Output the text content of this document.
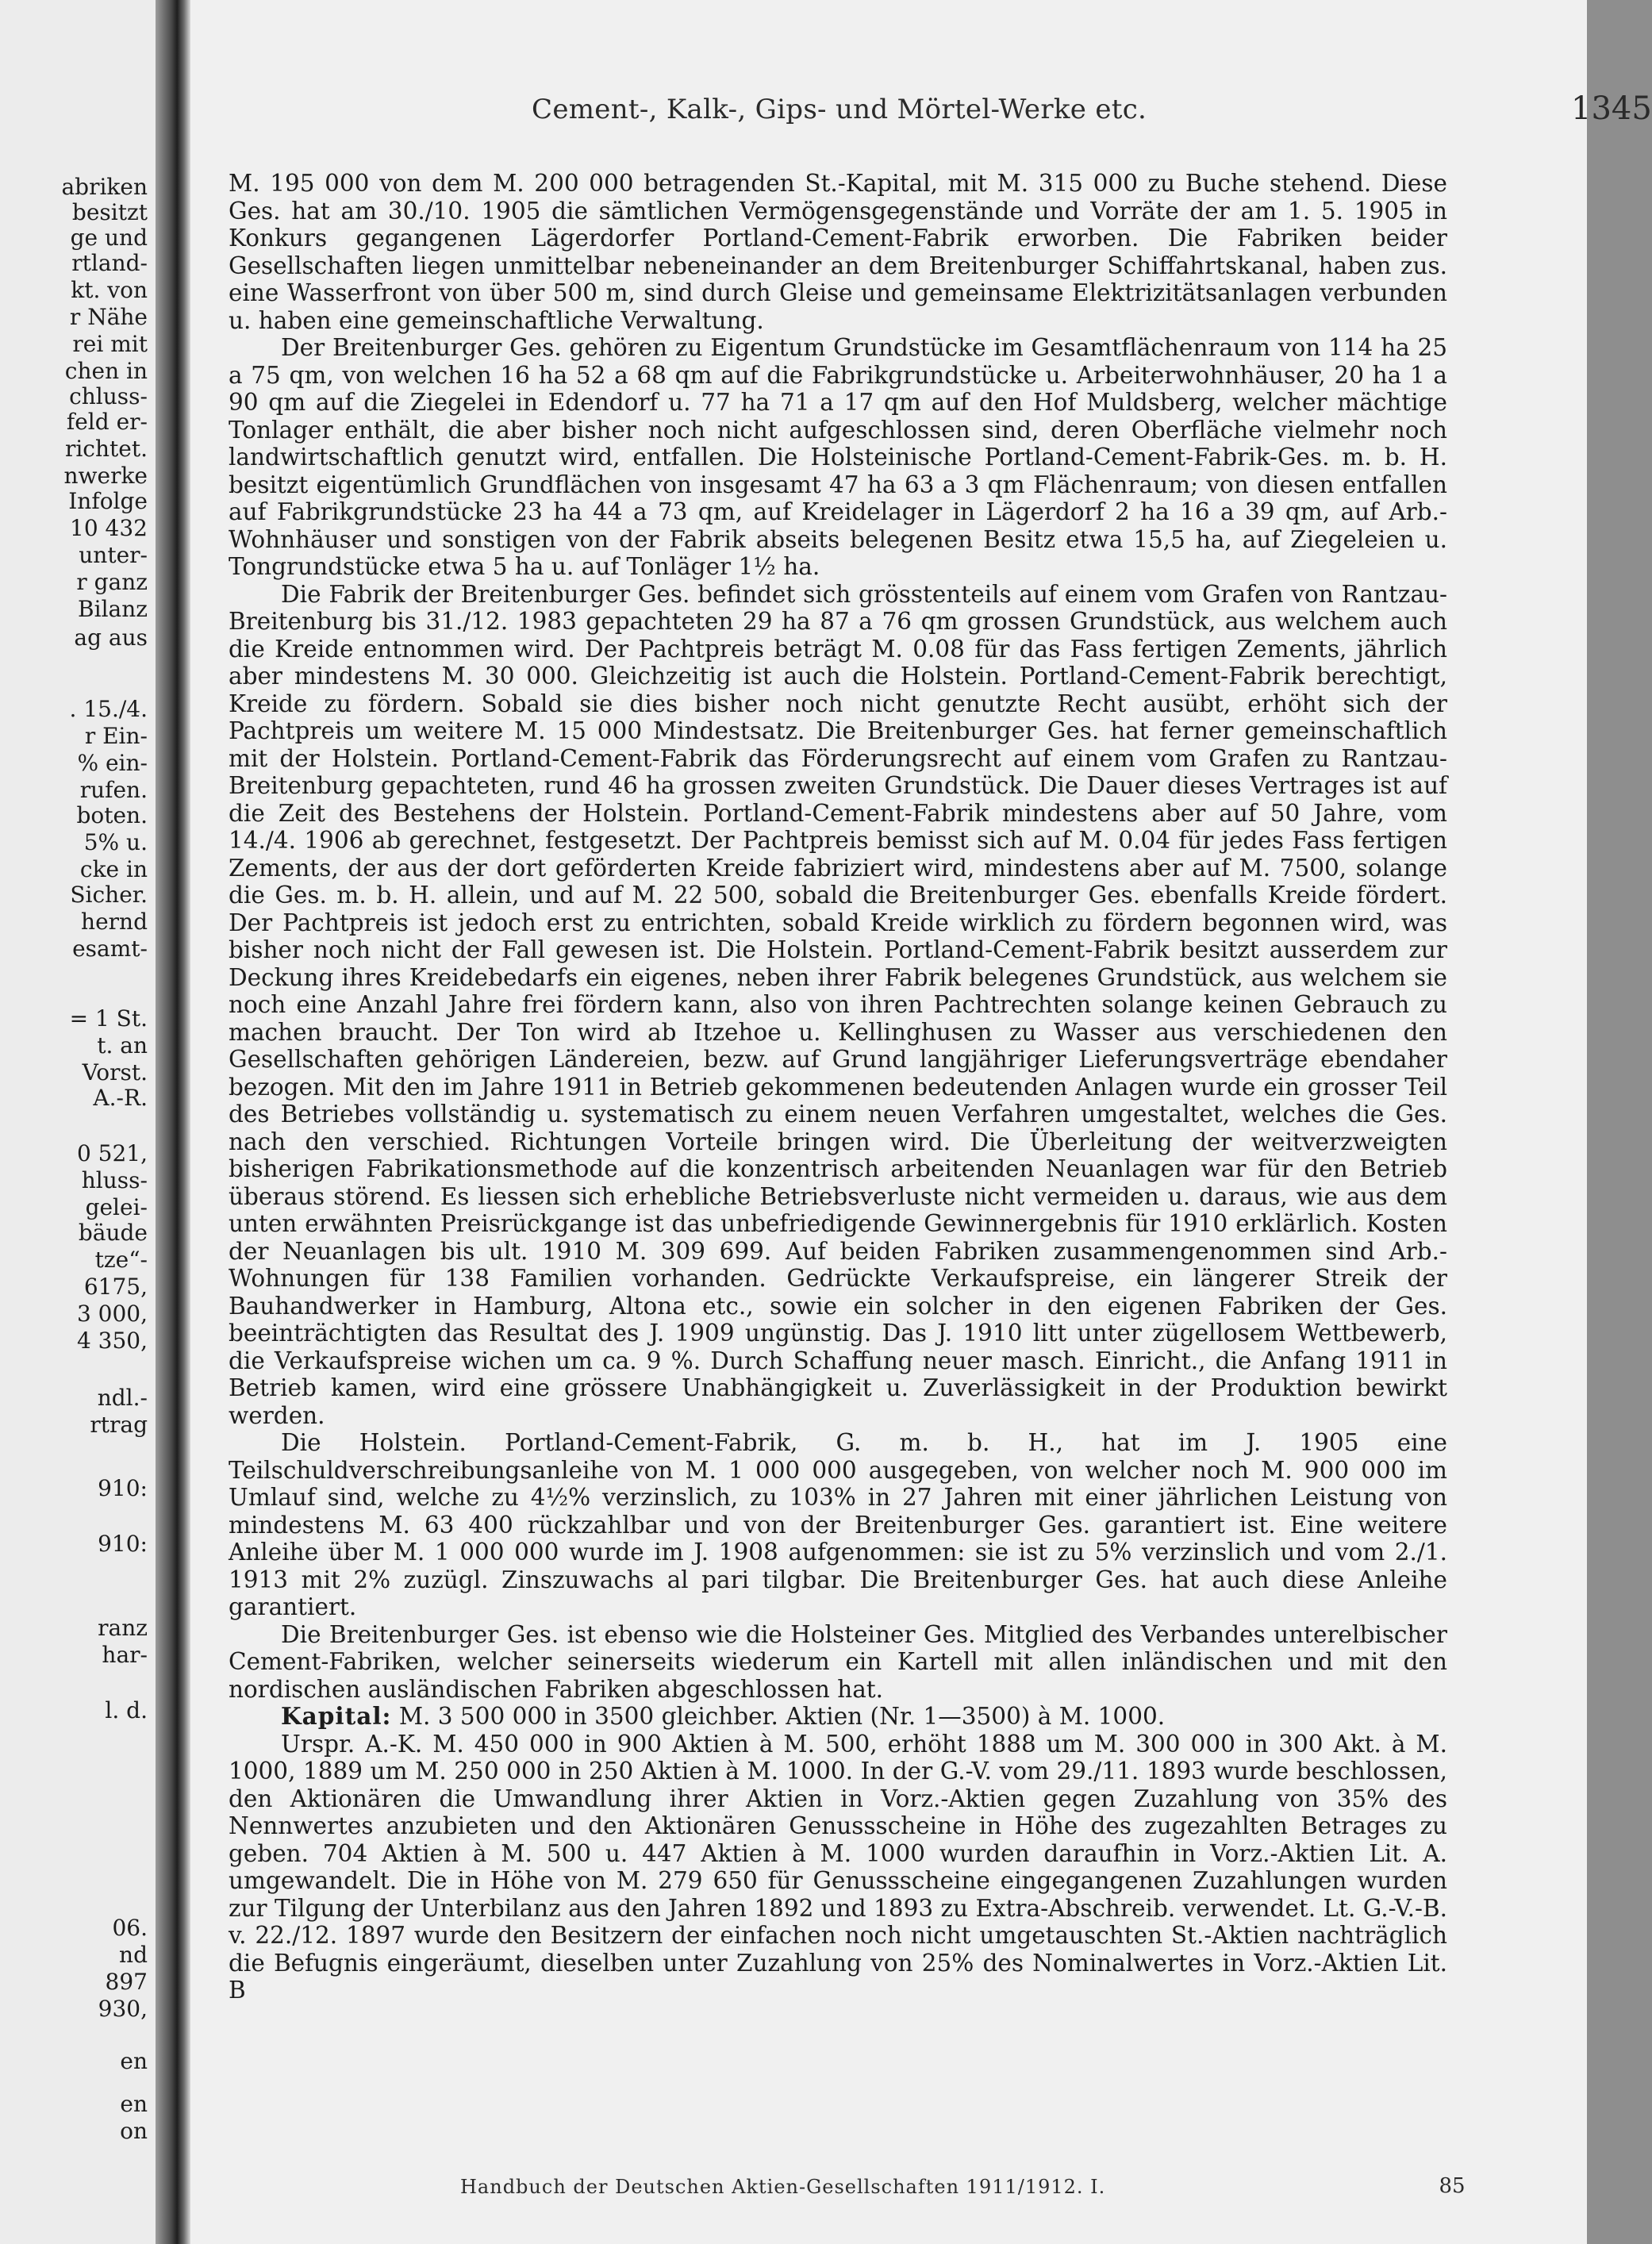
abriken
besitzt
ge und
rtland-
kt. von
r Nähe
rei mit
chen in
chluss-
feld er-
richtet.
nwerke
Infolge
10 432
unter-
r ganz
Bilanz
ag aus
. 15./4.
r Ein-
% ein-
rufen.
boten.
5% u.
cke in
Sicher.
hernd
esamt-
= 1 St.
t. an
Vorst.
A.-R.
0 521,
hluss-
gelei-
bäude
tze“-
6175,
3 000,
4 350,
ndl.-
rtrag
910:
910:
ranz
har-
l. d.
06.
nd
897
930,
en
en
on
Cement-, Kalk-, Gips- und Mörtel-Werke etc.	1345
Handbuch der Deutschen Aktien-Gesellschaften 1911/1912. I.	85

M. 195 000 von dem M. 200 000 betragenden St.-Kapital, mit M. 315 000 zu Buche stehend. Diese Ges. hat am 30./10. 1905 die sämtlichen Vermögensgegenstände und Vorräte der am 1. 5. 1905 in Konkurs gegangenen Lägerdorfer Portland-Cement-Fabrik erworben. Die Fabriken beider Gesellschaften liegen unmittelbar nebeneinander an dem Breitenburger Schiffahrtskanal, haben zus. eine Wasserfront von über 500 m, sind durch Gleise und gemeinsame Elektrizitätsanlagen verbunden u. haben eine gemeinschaftliche Verwaltung.

Der Breitenburger Ges. gehören zu Eigentum Grundstücke im Gesamtflächenraum von 114 ha 25 a 75 qm, von welchen 16 ha 52 a 68 qm auf die Fabrikgrundstücke u. Arbeiterwohnhäuser, 20 ha 1 a 90 qm auf die Ziegelei in Edendorf u. 77 ha 71 a 17 qm auf den Hof Muldsberg, welcher mächtige Tonlager enthält, die aber bisher noch nicht aufgeschlossen sind, deren Oberfläche vielmehr noch landwirtschaftlich genutzt wird, entfallen. Die Holsteinische Portland-Cement-Fabrik-Ges. m. b. H. besitzt eigentümlich Grundflächen von insgesamt 47 ha 63 a 3 qm Flächenraum; von diesen entfallen auf Fabrikgrundstücke 23 ha 44 a 73 qm, auf Kreidelager in Lägerdorf 2 ha 16 a 39 qm, auf Arb.-Wohnhäuser und sonstigen von der Fabrik abseits belegenen Besitz etwa 15,5 ha, auf Ziegeleien u. Tongrundstücke etwa 5 ha u. auf Tonläger 1½ ha.

Die Fabrik der Breitenburger Ges. befindet sich grösstenteils auf einem vom Grafen von Rantzau-Breitenburg bis 31./12. 1983 gepachteten 29 ha 87 a 76 qm grossen Grundstück, aus welchem auch die Kreide entnommen wird. Der Pachtpreis beträgt M. 0.08 für das Fass fertigen Zements, jährlich aber mindestens M. 30 000. Gleichzeitig ist auch die Holstein. Portland-Cement-Fabrik berechtigt, Kreide zu fördern. Sobald sie dies bisher noch nicht genutzte Recht ausübt, erhöht sich der Pachtpreis um weitere M. 15 000 Mindestsatz. Die Breitenburger Ges. hat ferner gemeinschaftlich mit der Holstein. Portland-Cement-Fabrik das Förderungsrecht auf einem vom Grafen zu Rantzau-Breitenburg gepachteten, rund 46 ha grossen zweiten Grundstück. Die Dauer dieses Vertrages ist auf die Zeit des Bestehens der Holstein. Portland-Cement-Fabrik mindestens aber auf 50 Jahre, vom 14./4. 1906 ab gerechnet, festgesetzt. Der Pachtpreis bemisst sich auf M. 0.04 für jedes Fass fertigen Zements, der aus der dort geförderten Kreide fabriziert wird, mindestens aber auf M. 7500, solange die Ges. m. b. H. allein, und auf M. 22 500, sobald die Breitenburger Ges. ebenfalls Kreide fördert. Der Pachtpreis ist jedoch erst zu entrichten, sobald Kreide wirklich zu fördern begonnen wird, was bisher noch nicht der Fall gewesen ist. Die Holstein. Portland-Cement-Fabrik besitzt ausserdem zur Deckung ihres Kreidebedarfs ein eigenes, neben ihrer Fabrik belegenes Grundstück, aus welchem sie noch eine Anzahl Jahre frei fördern kann, also von ihren Pachtrechten solange keinen Gebrauch zu machen braucht. Der Ton wird ab Itzehoe u. Kellinghusen zu Wasser aus verschiedenen den Gesellschaften gehörigen Ländereien, bezw. auf Grund langjähriger Lieferungsverträge ebendaher bezogen. Mit den im Jahre 1911 in Betrieb gekommenen bedeutenden Anlagen wurde ein grosser Teil des Betriebes vollständig u. systematisch zu einem neuen Verfahren umgestaltet, welches die Ges. nach den verschied. Richtungen Vorteile bringen wird. Die Überleitung der weitverzweigten bisherigen Fabrikationsmethode auf die konzentrisch arbeitenden Neuanlagen war für den Betrieb überaus störend. Es liessen sich erhebliche Betriebsverluste nicht vermeiden u. daraus, wie aus dem unten erwähnten Preisrückgange ist das unbefriedigende Gewinnergebnis für 1910 erklärlich. Kosten der Neuanlagen bis ult. 1910 M. 309 699. Auf beiden Fabriken zusammengenommen sind Arb.-Wohnungen für 138 Familien vorhanden. Gedrückte Verkaufspreise, ein längerer Streik der Bauhandwerker in Hamburg, Altona etc., sowie ein solcher in den eigenen Fabriken der Ges. beeinträchtigten das Resultat des J. 1909 ungünstig. Das J. 1910 litt unter zügellosem Wettbewerb, die Verkaufspreise wichen um ca. 9 %. Durch Schaffung neuer masch. Einricht., die Anfang 1911 in Betrieb kamen, wird eine grössere Unabhängigkeit u. Zuverlässigkeit in der Produktion bewirkt werden.

Die Holstein. Portland-Cement-Fabrik, G. m. b. H., hat im J. 1905 eine Teilschuldverschreibungsanleihe von M. 1 000 000 ausgegeben, von welcher noch M. 900 000 im Umlauf sind, welche zu 4½% verzinslich, zu 103% in 27 Jahren mit einer jährlichen Leistung von mindestens M. 63 400 rückzahlbar und von der Breitenburger Ges. garantiert ist. Eine weitere Anleihe über M. 1 000 000 wurde im J. 1908 aufgenommen: sie ist zu 5% verzinslich und vom 2./1. 1913 mit 2% zuzügl. Zinszuwachs al pari tilgbar. Die Breitenburger Ges. hat auch diese Anleihe garantiert.

Die Breitenburger Ges. ist ebenso wie die Holsteiner Ges. Mitglied des Verbandes unterelbischer Cement-Fabriken, welcher seinerseits wiederum ein Kartell mit allen inländischen und mit den nordischen ausländischen Fabriken abgeschlossen hat.

Kapital: M. 3 500 000 in 3500 gleichber. Aktien (Nr. 1—3500) à M. 1000.

Urspr. A.-K. M. 450 000 in 900 Aktien à M. 500, erhöht 1888 um M. 300 000 in 300 Akt. à M. 1000, 1889 um M. 250 000 in 250 Aktien à M. 1000. In der G.-V. vom 29./11. 1893 wurde beschlossen, den Aktionären die Umwandlung ihrer Aktien in Vorz.-Aktien gegen Zuzahlung von 35% des Nennwertes anzubieten und den Aktionären Genussscheine in Höhe des zugezahlten Betrages zu geben. 704 Aktien à M. 500 u. 447 Aktien à M. 1000 wurden daraufhin in Vorz.-Aktien Lit. A. umgewandelt. Die in Höhe von M. 279 650 für Genussscheine eingegangenen Zuzahlungen wurden zur Tilgung der Unterbilanz aus den Jahren 1892 und 1893 zu Extra-Abschreib. verwendet. Lt. G.-V.-B. v. 22./12. 1897 wurde den Besitzern der einfachen noch nicht umgetauschten St.-Aktien nachträglich die Befugnis eingeräumt, dieselben unter Zuzahlung von 25% des Nominalwertes in Vorz.-Aktien Lit. B
